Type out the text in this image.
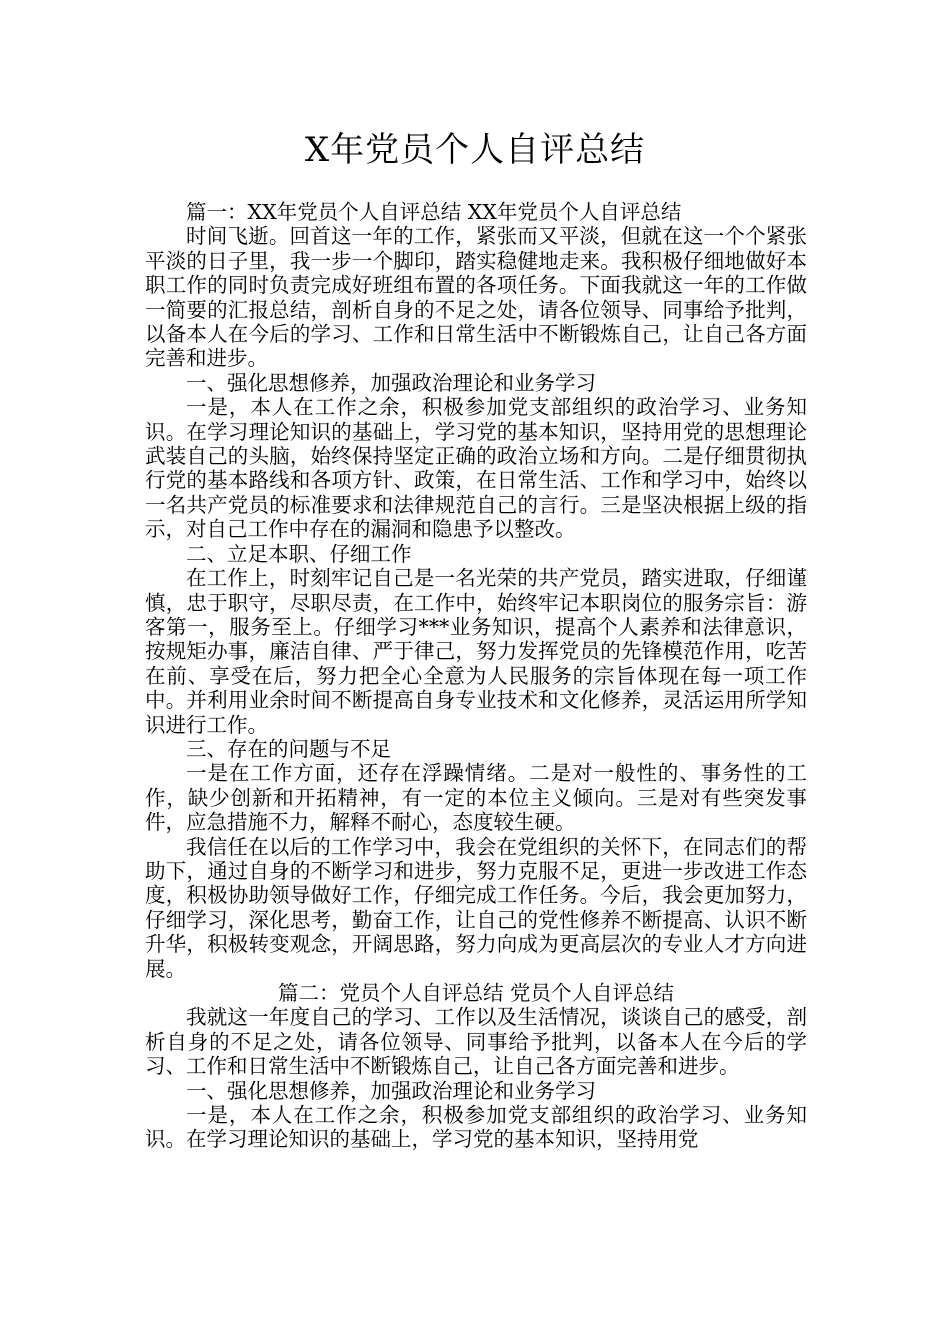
X年党员个人自评总结

篇一：XX年党员个人自评总结 XX年党员个人自评总结

时间飞逝。回首这一年的工作，紧张而又平淡，但就在这一个个紧张平淡的日子里，我一步一个脚印，踏实稳健地走来。我积极仔细地做好本职工作的同时负责完成好班组布置的各项任务。下面我就这一年的工作做一简要的汇报总结，剖析自身的不足之处，请各位领导、同事给予批判，以备本人在今后的学习、工作和日常生活中不断锻炼自己，让自己各方面完善和进步。

一、强化思想修养，加强政治理论和业务学习

一是，本人在工作之余，积极参加党支部组织的政治学习、业务知识。在学习理论知识的基础上，学习党的基本知识，坚持用党的思想理论武装自己的头脑，始终保持坚定正确的政治立场和方向。二是仔细贯彻执行党的基本路线和各项方针、政策，在日常生活、工作和学习中，始终以一名共产党员的标准要求和法律规范自己的言行。三是坚决根据上级的指示，对自己工作中存在的漏洞和隐患予以整改。

二、立足本职、仔细工作

在工作上，时刻牢记自己是一名光荣的共产党员，踏实进取，仔细谨慎，忠于职守，尽职尽责，在工作中，始终牢记本职岗位的服务宗旨：游客第一，服务至上。仔细学习***业务知识，提高个人素养和法律意识，按规矩办事，廉洁自律、严于律己，努力发挥党员的先锋模范作用，吃苦在前、享受在后，努力把全心全意为人民服务的宗旨体现在每一项工作中。并利用业余时间不断提高自身专业技术和文化修养，灵活运用所学知识进行工作。

三、存在的问题与不足

一是在工作方面，还存在浮躁情绪。二是对一般性的、事务性的工作，缺少创新和开拓精神，有一定的本位主义倾向。三是对有些突发事件，应急措施不力，解释不耐心，态度较生硬。

我信任在以后的工作学习中，我会在党组织的关怀下，在同志们的帮助下，通过自身的不断学习和进步，努力克服不足，更进一步改进工作态度，积极协助领导做好工作，仔细完成工作任务。今后，我会更加努力，仔细学习，深化思考，勤奋工作，让自己的党性修养不断提高、认识不断升华，积极转变观念，开阔思路，努力向成为更高层次的专业人才方向进展。

篇二：党员个人自评总结 党员个人自评总结

我就这一年度自己的学习、工作以及生活情况，谈谈自己的感受，剖析自身的不足之处，请各位领导、同事给予批判，以备本人在今后的学习、工作和日常生活中不断锻炼自己，让自己各方面完善和进步。

一、强化思想修养，加强政治理论和业务学习

一是，本人在工作之余，积极参加党支部组织的政治学习、业务知识。在学习理论知识的基础上，学习党的基本知识，坚持用党
